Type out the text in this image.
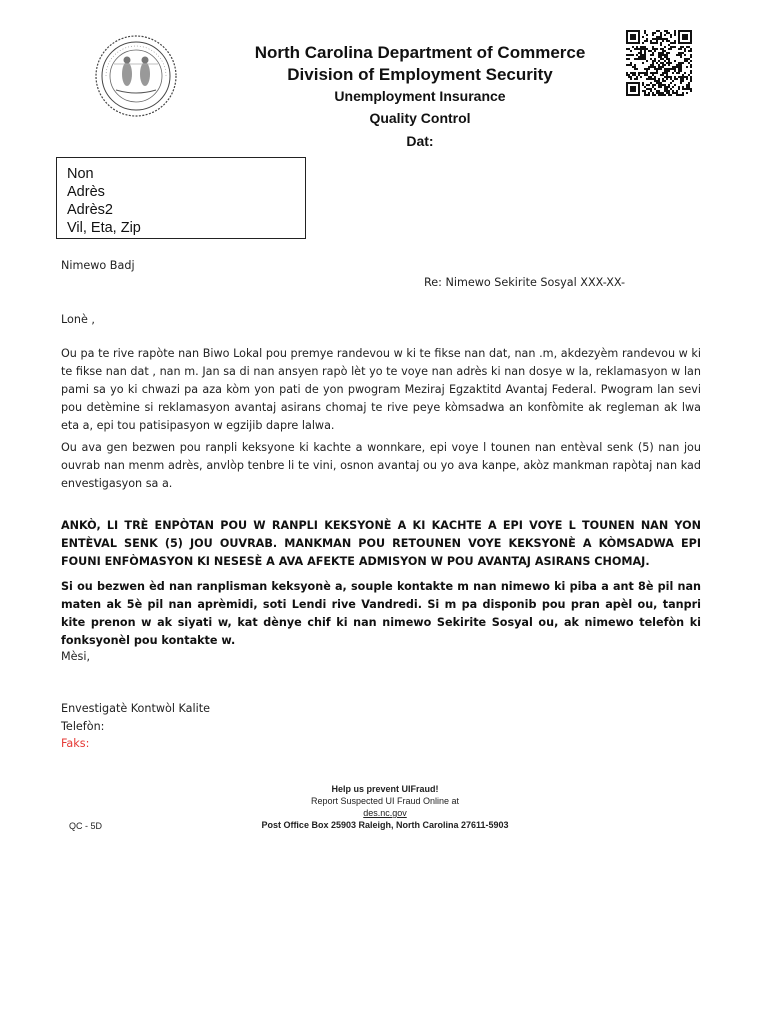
North Carolina Department of Commerce
Division of Employment Security
Unemployment Insurance
Quality Control
Dat:
Non
Adrès
Adrès2
Vil, Eta, Zip
Nimewo Badj
Re: Nimewo Sekirite Sosyal XXX-XX-
Lonè ,
Ou pa te rive rapòte nan Biwo Lokal pou premye randevou w ki te fikse nan dat, nan .m, akdezyèm randevou w ki te fikse nan dat , nan m. Jan sa di nan ansyen rapò lèt yo te voye nan adrès ki nan dosye w la, reklamasyon w lan pami sa yo ki chwazi pa aza kòm yon pati de yon pwogram Meziraj Egzaktitd Avantaj Federal. Pwogram lan sevi pou detèmine si reklamasyon avantaj asirans chomaj te rive peye kòmsadwa an konfòmite ak regleman ak lwa eta a, epi tou patisipasyon w egzijib dapre lalwa.
Ou ava gen bezwen pou ranpli keksyone ki kachte a wonnkare, epi voye l tounen nan entèval senk (5) nan jou ouvrab nan menm adrès, anvlòp tenbre li te vini, osnon avantaj ou yo ava kanpe, akòz mankman rapòtaj nan kad envestigasyon sa a.
ANKÒ, LI TRÈ ENPÒTAN POU W RANPLI KEKSYONÈ A KI KACHTE A EPI VOYE L TOUNEN NAN YON ENTÈVAL SENK (5) JOU OUVRAB. MANKMAN POU RETOUNEN VOYE KEKSYONÈ A KÒMSADWA EPI FOUNI ENFÒMASYON KI NESESÈ A AVA AFEKTE ADMISYON W POU AVANTAJ ASIRANS CHOMAJ.
Si ou bezwen èd nan ranplisman keksyonè a, souple kontakte m nan nimewo ki piba a ant 8è pil nan maten ak 5è pil nan aprèmidi, soti Lendi rive Vandredi. Si m pa disponib pou pran apèl ou, tanpri kite prenon w ak siyati w, kat dènye chif ki nan nimewo Sekirite Sosyal ou, ak nimewo telefòn ki fonksyonèl pou kontakte w.
Mèsi,
Envestigatè Kontwòl Kalite
Telefòn:
Faks:
Help us prevent UIFraud!
Report Suspected UI Fraud Online at
des.nc.gov
Post Office Box 25903 Raleigh, North Carolina 27611-5903
QC - 5D
